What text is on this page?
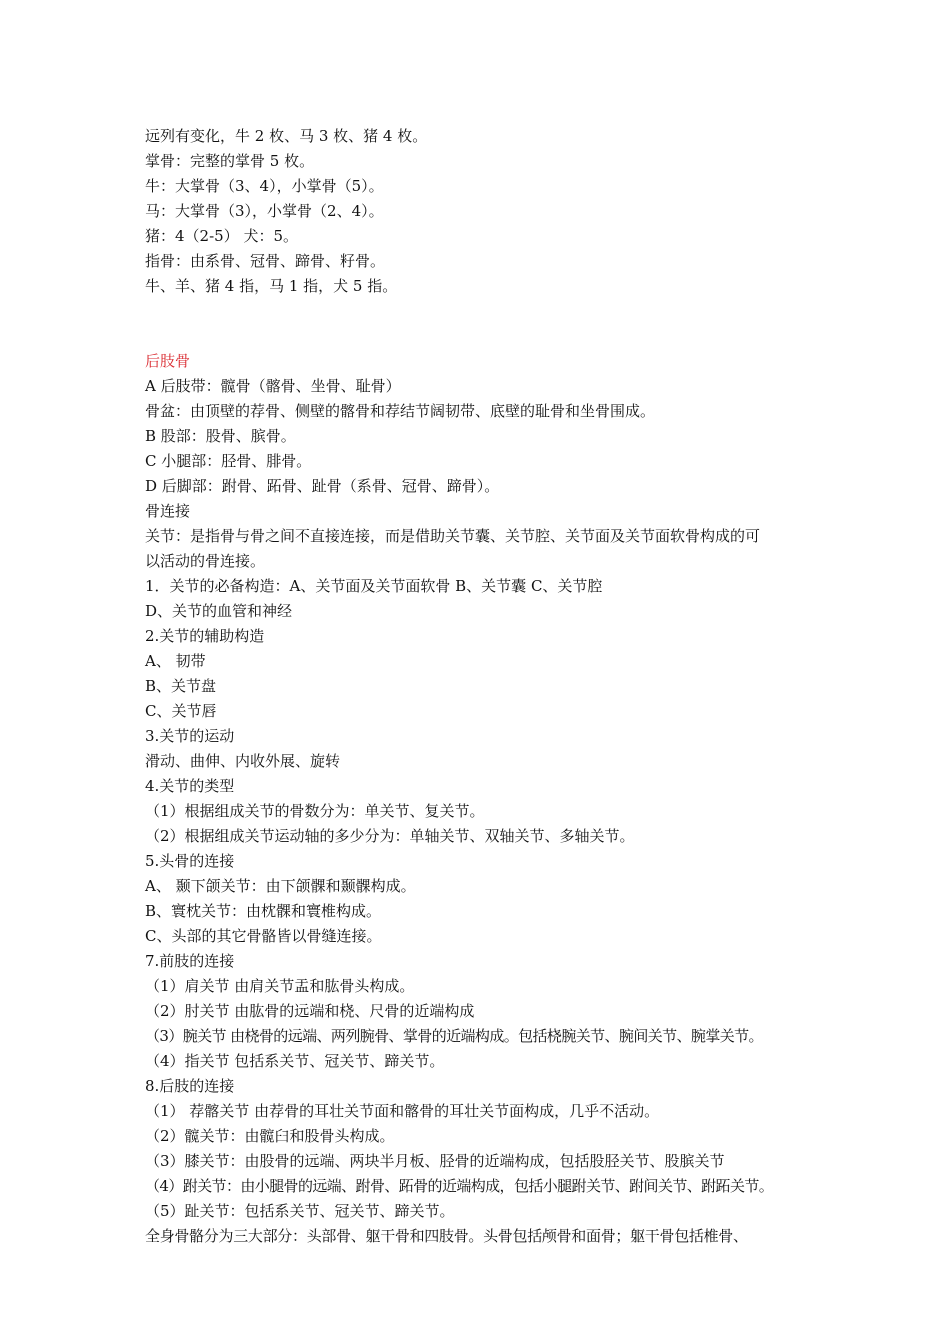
远列有变化，牛 2 枚、马 3 枚、猪 4 枚。
掌骨：完整的掌骨 5 枚。
牛：大掌骨（3、4），小掌骨（5）。
马：大掌骨（3），小掌骨（2、4）。
猪：4（2-5） 犬：5。
指骨：由系骨、冠骨、蹄骨、籽骨。
牛、羊、猪 4 指，马 1 指，犬 5 指。
后肢骨
A 后肢带：髋骨（髂骨、坐骨、耻骨）
骨盆：由顶壁的荐骨、侧壁的髂骨和荐结节阔韧带、底壁的耻骨和坐骨围成。
B 股部：股骨、膑骨。
C 小腿部：胫骨、腓骨。
D 后脚部：跗骨、跖骨、趾骨（系骨、冠骨、蹄骨）。
骨连接
关节：是指骨与骨之间不直接连接，而是借助关节囊、关节腔、关节面及关节面软骨构成的可
以活动的骨连接。
1．关节的必备构造：A、关节面及关节面软骨 B、关节囊 C、关节腔
D、关节的血管和神经
2.关节的辅助构造
A、 韧带
B、关节盘
C、关节唇
3.关节的运动
滑动、曲伸、内收外展、旋转
4.关节的类型
（1）根据组成关节的骨数分为：单关节、复关节。
（2）根据组成关节运动轴的多少分为：单轴关节、双轴关节、多轴关节。
5.头骨的连接
A、 颞下颌关节：由下颌髁和颞髁构成。
B、寰枕关节：由枕髁和寰椎构成。
C、头部的其它骨骼皆以骨缝连接。
7.前肢的连接
（1）肩关节 由肩关节盂和肱骨头构成。
（2）肘关节 由肱骨的远端和桡、尺骨的近端构成
（3）腕关节 由桡骨的远端、两列腕骨、掌骨的近端构成。包括桡腕关节、腕间关节、腕掌关节。
（4）指关节 包括系关节、冠关节、蹄关节。
8.后肢的连接
（1） 荐髂关节 由荐骨的耳壮关节面和髂骨的耳壮关节面构成，几乎不活动。
（2）髋关节：由髋臼和股骨头构成。
（3）膝关节：由股骨的远端、两块半月板、胫骨的近端构成，包括股胫关节、股膑关节
（4）跗关节：由小腿骨的远端、跗骨、跖骨的近端构成，包括小腿跗关节、跗间关节、跗跖关节。
（5）趾关节：包括系关节、冠关节、蹄关节。
全身骨骼分为三大部分：头部骨、躯干骨和四肢骨。头骨包括颅骨和面骨；躯干骨包括椎骨、
